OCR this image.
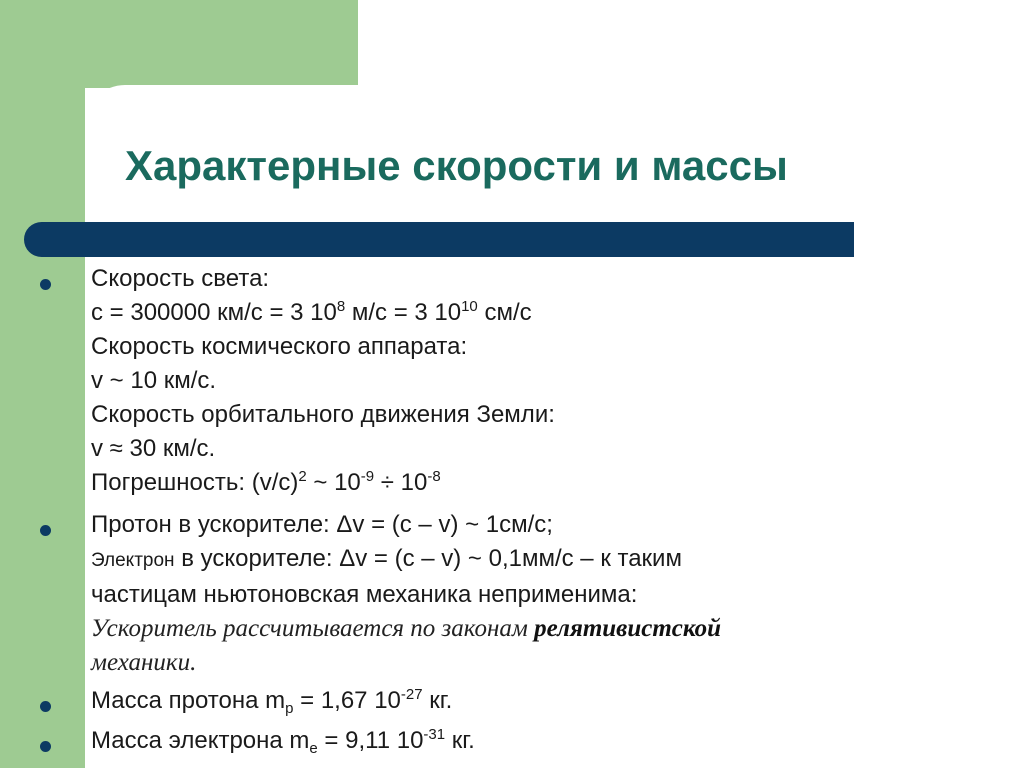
Характерные скорости и массы
Скорость света:
с = 300000 км/с = 3 $10^8$ м/с = 3 $10^{10}$ см/с
Скорость космического аппарата:
v ~ 10 км/с.
Скорость орбитального движения Земли:
v ≈ 30 км/с.
Погрешность: $(v/c)^2$ ~ $10^{-9} \div 10^{-8}$
Протон в ускорителе: Δv = (c – v) ~ 1см/с;
Электрон в ускорителе: Δv = (c – v) ~ 0,1мм/с – к таким
частицам ньютоновская механика неприменима:
Ускоритель рассчитывается по законам релятивистской
механики.
Масса протона $m_p = 1,67$ $10^{-27}$ кг.
Масса электрона $m_e = 9,11$ $10^{-31}$ кг.
